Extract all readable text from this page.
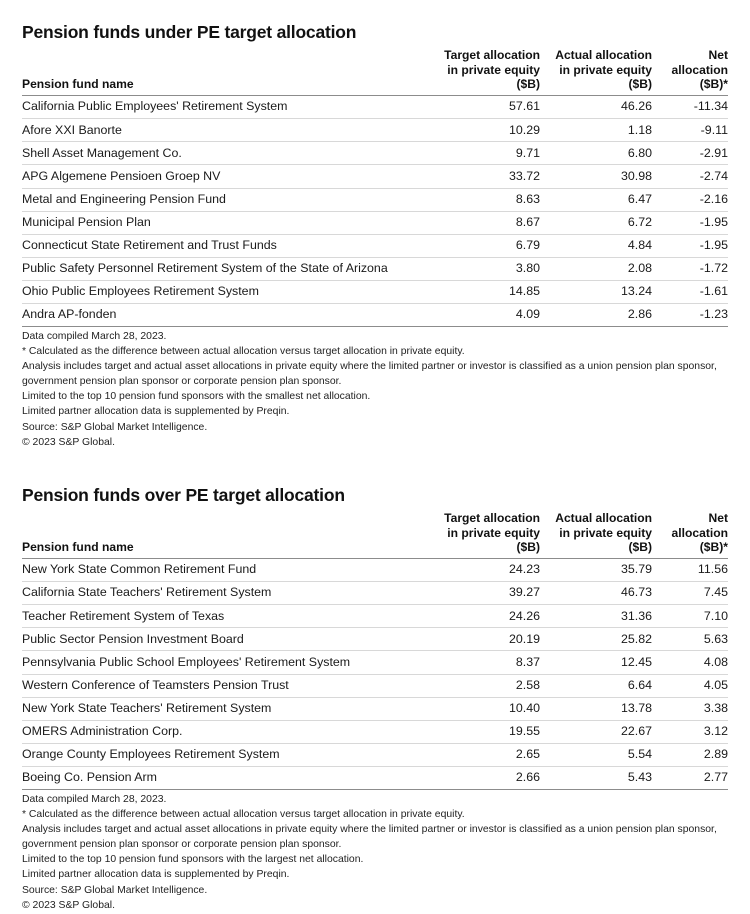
Pension funds under PE target allocation
Pension fund name	Target allocation
in private equity
($B)	Actual allocation
in private equity
($B)	Net
allocation
($B)*

California Public Employees' Retirement System	57.61	46.26	-11.34
Afore XXI Banorte	10.29	1.18	-9.11
Shell Asset Management Co.	9.71	6.80	-2.91
APG Algemene Pensioen Groep NV	33.72	30.98	-2.74
Metal and Engineering Pension Fund	8.63	6.47	-2.16
Municipal Pension Plan	8.67	6.72	-1.95
Connecticut State Retirement and Trust Funds	6.79	4.84	-1.95
Public Safety Personnel Retirement System of the State of Arizona	3.80	2.08	-1.72
Ohio Public Employees Retirement System	14.85	13.24	-1.61
Andra AP-fonden	4.09	2.86	-1.23

Data compiled March 28, 2023.

* Calculated as the difference between actual allocation versus target allocation in private equity.

Analysis includes target and actual asset allocations in private equity where the limited partner or investor is classified as a union pension plan sponsor, government pension plan sponsor or corporate pension plan sponsor.

Limited to the top 10 pension fund sponsors with the smallest net allocation.

Limited partner allocation data is supplemented by Preqin.

Source: S&P Global Market Intelligence.

© 2023 S&P Global.

Pension funds over PE target allocation
Pension fund name	Target allocation
in private equity
($B)	Actual allocation
in private equity
($B)	Net
allocation
($B)*

New York State Common Retirement Fund	24.23	35.79	11.56
California State Teachers' Retirement System	39.27	46.73	7.45
Teacher Retirement System of Texas	24.26	31.36	7.10
Public Sector Pension Investment Board	20.19	25.82	5.63
Pennsylvania Public School Employees' Retirement System	8.37	12.45	4.08
Western Conference of Teamsters Pension Trust	2.58	6.64	4.05
New York State Teachers' Retirement System	10.40	13.78	3.38
OMERS Administration Corp.	19.55	22.67	3.12
Orange County Employees Retirement System	2.65	5.54	2.89
Boeing Co. Pension Arm	2.66	5.43	2.77

Data compiled March 28, 2023.

* Calculated as the difference between actual allocation versus target allocation in private equity.

Analysis includes target and actual asset allocations in private equity where the limited partner or investor is classified as a union pension plan sponsor, government pension plan sponsor or corporate pension plan sponsor.

Limited to the top 10 pension fund sponsors with the largest net allocation.

Limited partner allocation data is supplemented by Preqin.

Source: S&P Global Market Intelligence.

© 2023 S&P Global.
